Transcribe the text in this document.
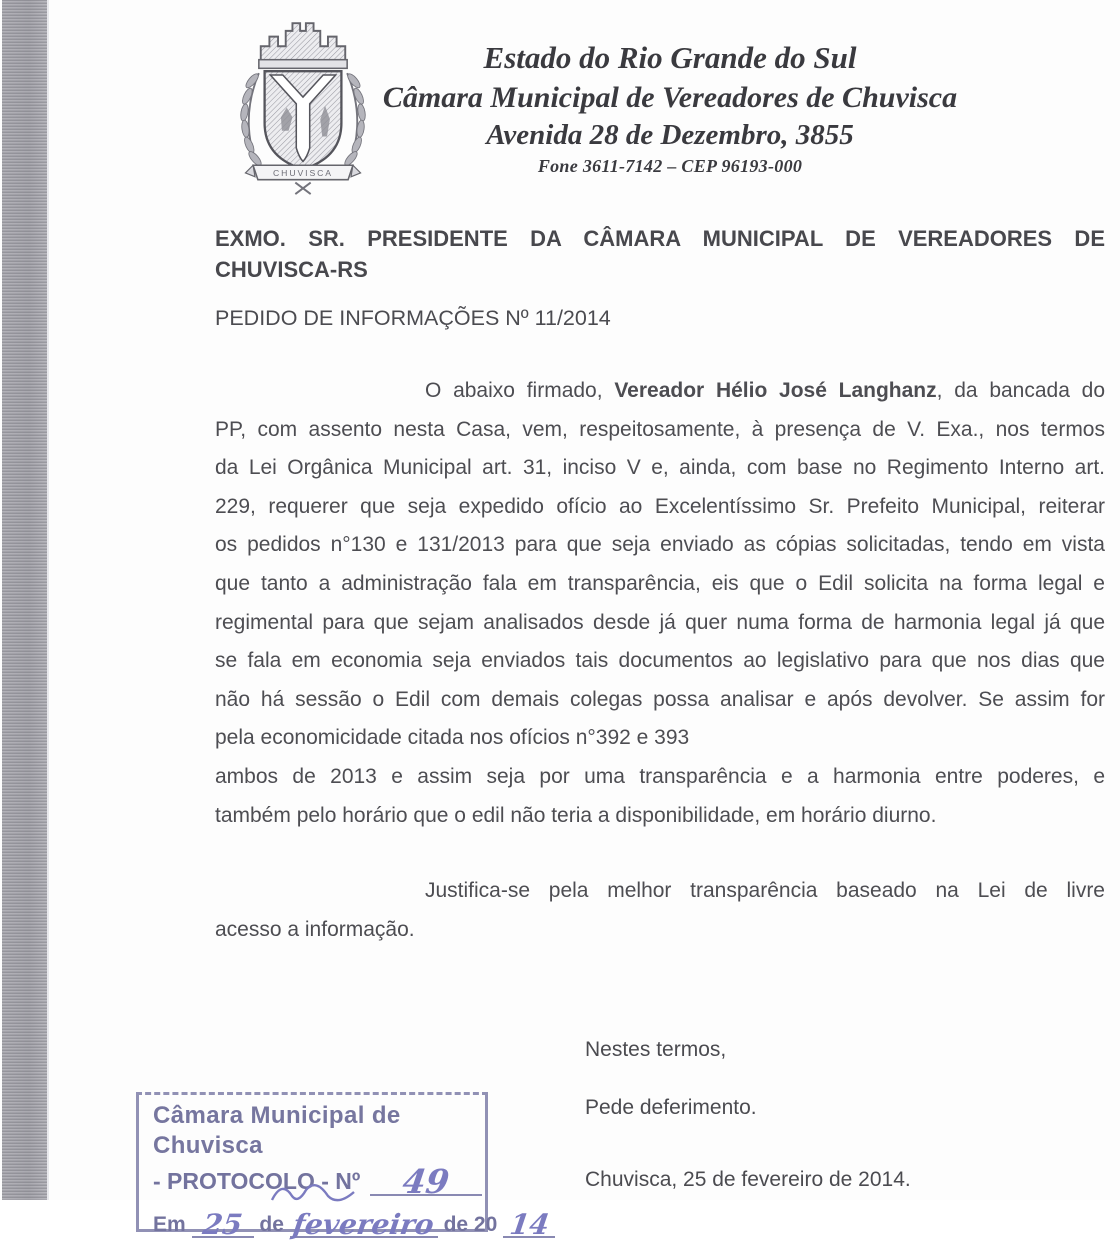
CHUVISCA
Estado do Rio Grande do Sul
Câmara Municipal de Vereadores de Chuvisca
Avenida 28 de Dezembro, 3855
Fone 3611-7142 – CEP 96193-000
EXMO. SR. PRESIDENTE DA CÂMARA MUNICIPAL DE VEREADORES DE
CHUVISCA-RS
PEDIDO DE INFORMAÇÕES Nº 11/2014
O abaixo firmado, Vereador Hélio José Langhanz, da bancada do
PP, com assento nesta Casa, vem, respeitosamente, à presença de V. Exa., nos termos
da Lei Orgânica Municipal art. 31, inciso V e, ainda, com base no Regimento Interno art.
229, requerer que seja expedido ofício ao Excelentíssimo Sr. Prefeito Municipal, reiterar
os pedidos n°130 e 131/2013 para que seja enviado as cópias solicitadas, tendo em vista
que tanto a administração fala em transparência, eis que o Edil solicita na forma legal e
regimental para que sejam analisados desde já quer numa forma de harmonia legal já que
se fala em economia seja enviados tais documentos ao legislativo para que nos dias que
não há sessão o Edil com demais colegas possa analisar e após devolver. Se assim for
pela economicidade citada nos ofícios n°392 e 393
ambos de 2013 e assim seja por uma transparência e a harmonia entre poderes, e
também pelo horário que o edil não teria a disponibilidade, em horário diurno.
Justifica-se pela melhor transparência baseado na Lei de livre
acesso a informação.
Nestes termos,
Pede deferimento.
Chuvisca, 25 de fevereiro de 2014.
Câmara Municipal de Chuvisca
- PROTOCOLO - Nº 49
Em 25 de fevereiro de 20 14
